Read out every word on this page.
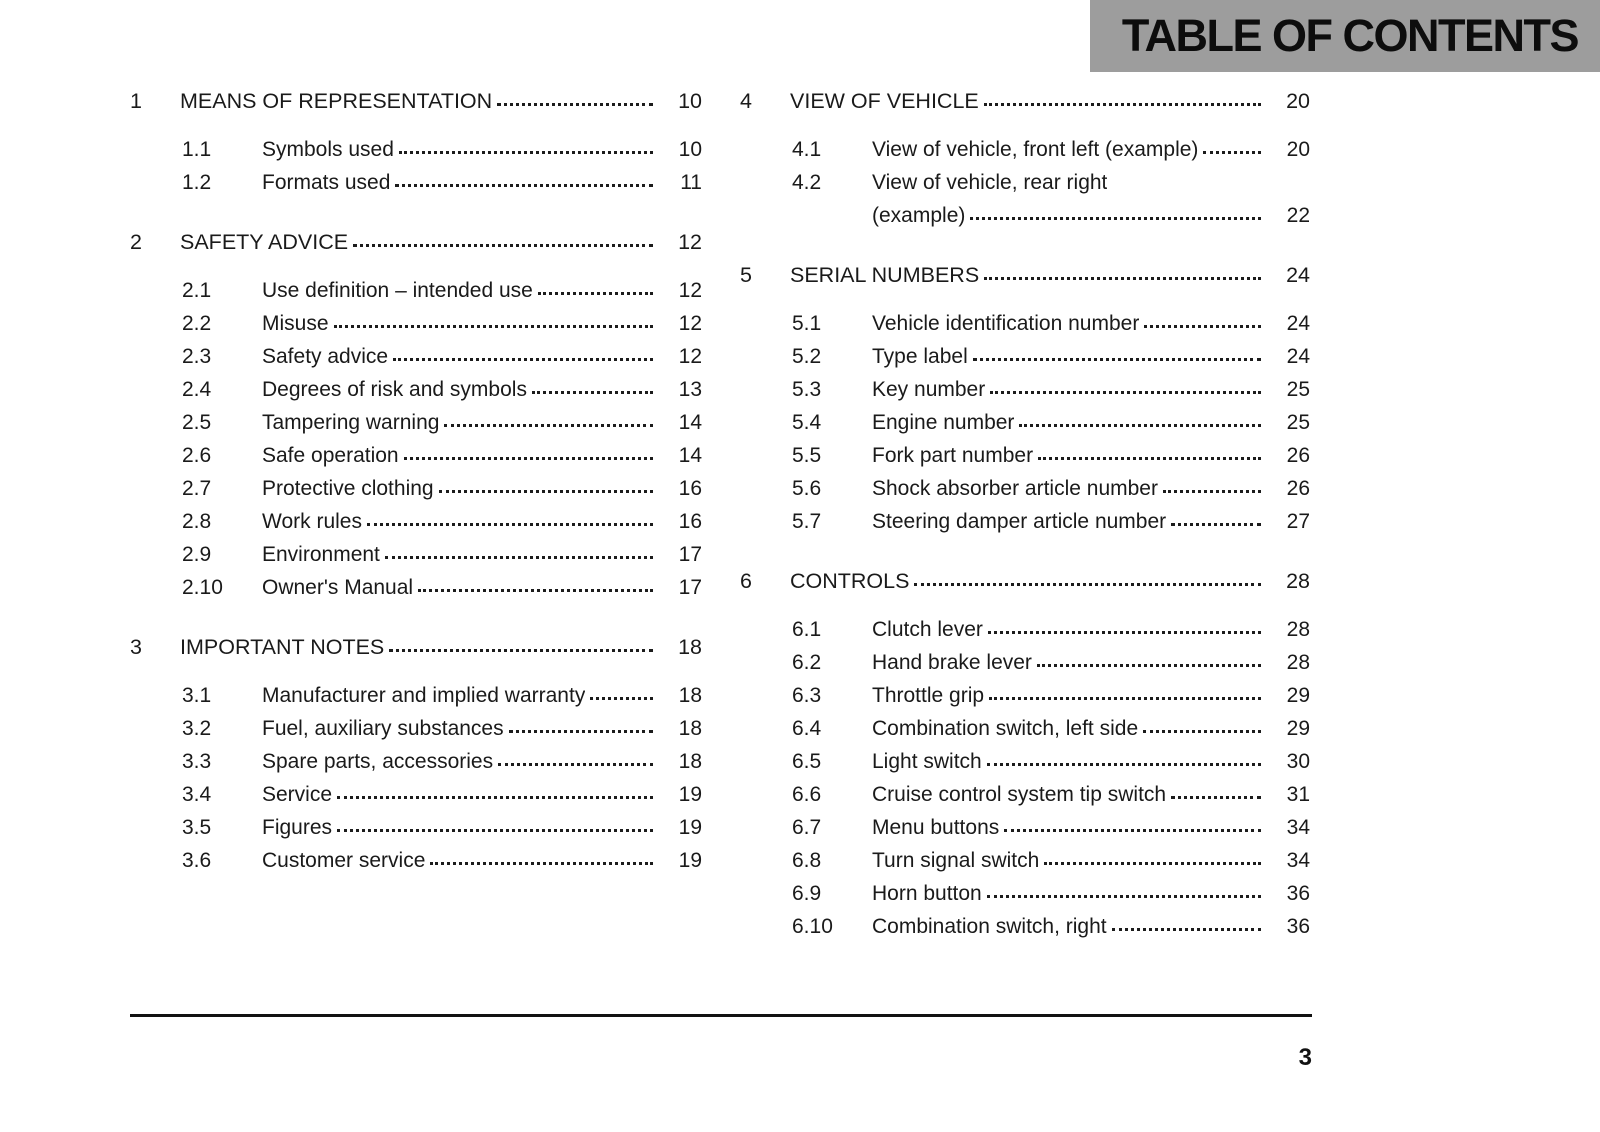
TABLE OF CONTENTS
1	MEANS OF REPRESENTATION	10
1.1	Symbols used	10
1.2	Formats used	11
2	SAFETY ADVICE	12
2.1	Use definition – intended use	12
2.2	Misuse	12
2.3	Safety advice	12
2.4	Degrees of risk and symbols	13
2.5	Tampering warning	14
2.6	Safe operation	14
2.7	Protective clothing	16
2.8	Work rules	16
2.9	Environment	17
2.10	Owner's Manual	17
3	IMPORTANT NOTES	18
3.1	Manufacturer and implied warranty	18
3.2	Fuel, auxiliary substances	18
3.3	Spare parts, accessories	18
3.4	Service	19
3.5	Figures	19
3.6	Customer service	19
4	VIEW OF VEHICLE	20
4.1	View of vehicle, front left (example)	20
4.2	View of vehicle, rear right
(example)	22
5	SERIAL NUMBERS	24
5.1	Vehicle identification number	24
5.2	Type label	24
5.3	Key number	25
5.4	Engine number	25
5.5	Fork part number	26
5.6	Shock absorber article number	26
5.7	Steering damper article number	27
6	CONTROLS	28
6.1	Clutch lever	28
6.2	Hand brake lever	28
6.3	Throttle grip	29
6.4	Combination switch, left side	29
6.5	Light switch	30
6.6	Cruise control system tip switch	31
6.7	Menu buttons	34
6.8	Turn signal switch	34
6.9	Horn button	36
6.10	Combination switch, right	36
3
